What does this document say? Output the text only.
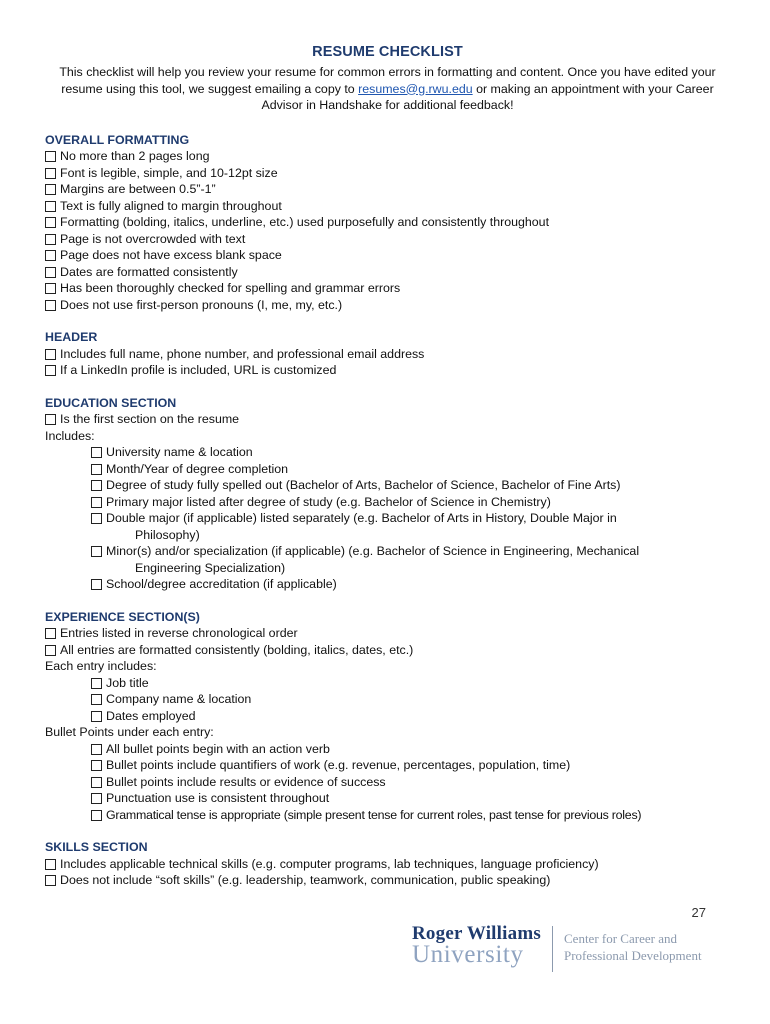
RESUME CHECKLIST

This checklist will help you review your resume for common errors in formatting and content. Once you have edited your resume using this tool, we suggest emailing a copy to resumes@g.rwu.edu or making an appointment with your Career Advisor in Handshake for additional feedback!

OVERALL FORMATTING
No more than 2 pages long
Font is legible, simple, and 10-12pt size
Margins are between 0.5”-1”
Text is fully aligned to margin throughout
Formatting (bolding, italics, underline, etc.) used purposefully and consistently throughout
Page is not overcrowded with text
Page does not have excess blank space
Dates are formatted consistently
Has been thoroughly checked for spelling and grammar errors
Does not use first-person pronouns (I, me, my, etc.)
HEADER
Includes full name, phone number, and professional email address
If a LinkedIn profile is included, URL is customized
EDUCATION SECTION
Is the first section on the resume
Includes:
University name & location
Month/Year of degree completion
Degree of study fully spelled out (Bachelor of Arts, Bachelor of Science, Bachelor of Fine Arts)
Primary major listed after degree of study (e.g. Bachelor of Science in Chemistry)
Double major (if applicable) listed separately (e.g. Bachelor of Arts in History, Double Major in
Philosophy)
Minor(s) and/or specialization (if applicable) (e.g. Bachelor of Science in Engineering, Mechanical
Engineering Specialization)
School/degree accreditation (if applicable)
EXPERIENCE SECTION(S)
Entries listed in reverse chronological order
All entries are formatted consistently (bolding, italics, dates, etc.)
Each entry includes:
Job title
Company name & location
Dates employed
Bullet Points under each entry:
All bullet points begin with an action verb
Bullet points include quantifiers of work (e.g. revenue, percentages, population, time)
Bullet points include results or evidence of success
Punctuation use is consistent throughout
Grammatical tense is appropriate (simple present tense for current roles, past tense for previous roles)
SKILLS SECTION
Includes applicable technical skills (e.g. computer programs, lab techniques, language proficiency)
Does not include “soft skills” (e.g. leadership, teamwork, communication, public speaking)
27
Roger Williams
University
Center for Career and
Professional Development
